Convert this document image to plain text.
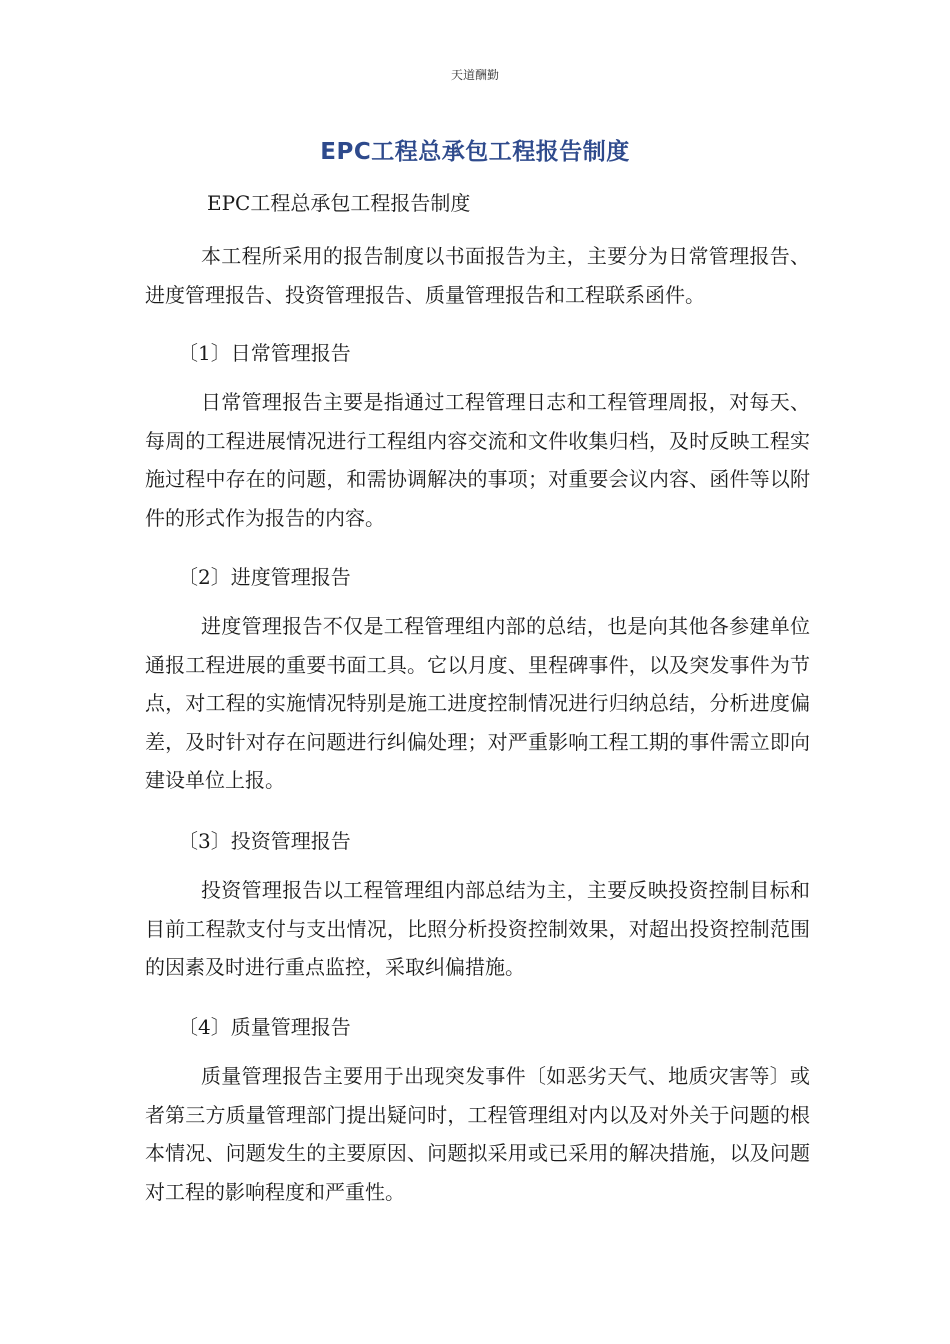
天道酬勤
EPC工程总承包工程报告制度
EPC工程总承包工程报告制度

本工程所采用的报告制度以书面报告为主，主要分为日常管理报告、进度管理报告、投资管理报告、质量管理报告和工程联系函件。

〔1〕日常管理报告

日常管理报告主要是指通过工程管理日志和工程管理周报，对每天、每周的工程进展情况进行工程组内容交流和文件收集归档，及时反映工程实施过程中存在的问题，和需协调解决的事项；对重要会议内容、函件等以附件的形式作为报告的内容。

〔2〕进度管理报告

进度管理报告不仅是工程管理组内部的总结，也是向其他各参建单位通报工程进展的重要书面工具。它以月度、里程碑事件，以及突发事件为节点，对工程的实施情况特别是施工进度控制情况进行归纳总结，分析进度偏差，及时针对存在问题进行纠偏处理；对严重影响工程工期的事件需立即向建设单位上报。

〔3〕投资管理报告

投资管理报告以工程管理组内部总结为主，主要反映投资控制目标和目前工程款支付与支出情况，比照分析投资控制效果，对超出投资控制范围的因素及时进行重点监控，采取纠偏措施。

〔4〕质量管理报告

质量管理报告主要用于出现突发事件〔如恶劣天气、地质灾害等〕或者第三方质量管理部门提出疑问时，工程管理组对内以及对外关于问题的根本情况、问题发生的主要原因、问题拟采用或已采用的解决措施，以及问题对工程的影响程度和严重性。
